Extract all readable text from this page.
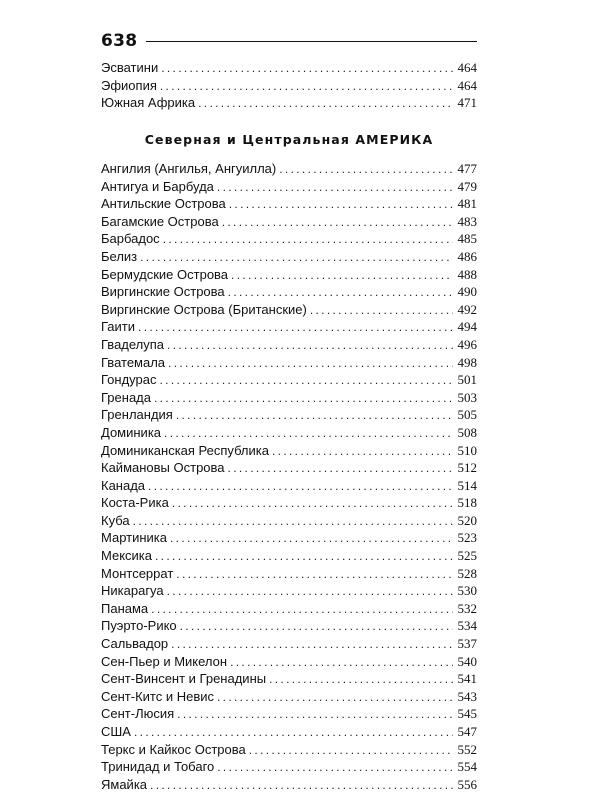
638
Эсватини . . .	464
Эфиопия . . .	464
Южная Африка . . .	471
Северная и Центральная АМЕРИКА
Ангилия (Ангилья, Ангуилла) . . .	477
Антигуа и Барбуда . . .	479
Антильские Острова . . .	481
Багамские Острова . . .	483
Барбадос . . .	485
Белиз . . .	486
Бермудские Острова . . .	488
Виргинские Острова . . .	490
Виргинские Острова (Британские) . . .	492
Гаити . . .	494
Гваделупа . . .	496
Гватемала . . .	498
Гондурас . . .	501
Гренада . . .	503
Гренландия . . .	505
Доминика . . .	508
Доминиканская Республика . . .	510
Каймановы Острова . . .	512
Канада . . .	514
Коста-Рика . . .	518
Куба . . .	520
Мартиника . . .	523
Мексика . . .	525
Монтсеррат . . .	528
Никарагуа . . .	530
Панама . . .	532
Пуэрто-Рико . . .	534
Сальвадор . . .	537
Сен-Пьер и Микелон . . .	540
Сент-Винсент и Гренадины . . .	541
Сент-Китс и Невис . . .	543
Сент-Люсия . . .	545
США . . .	547
Теркс и Кайкос Острова . . .	552
Тринидад и Тобаго . . .	554
Ямайка . . .	556
